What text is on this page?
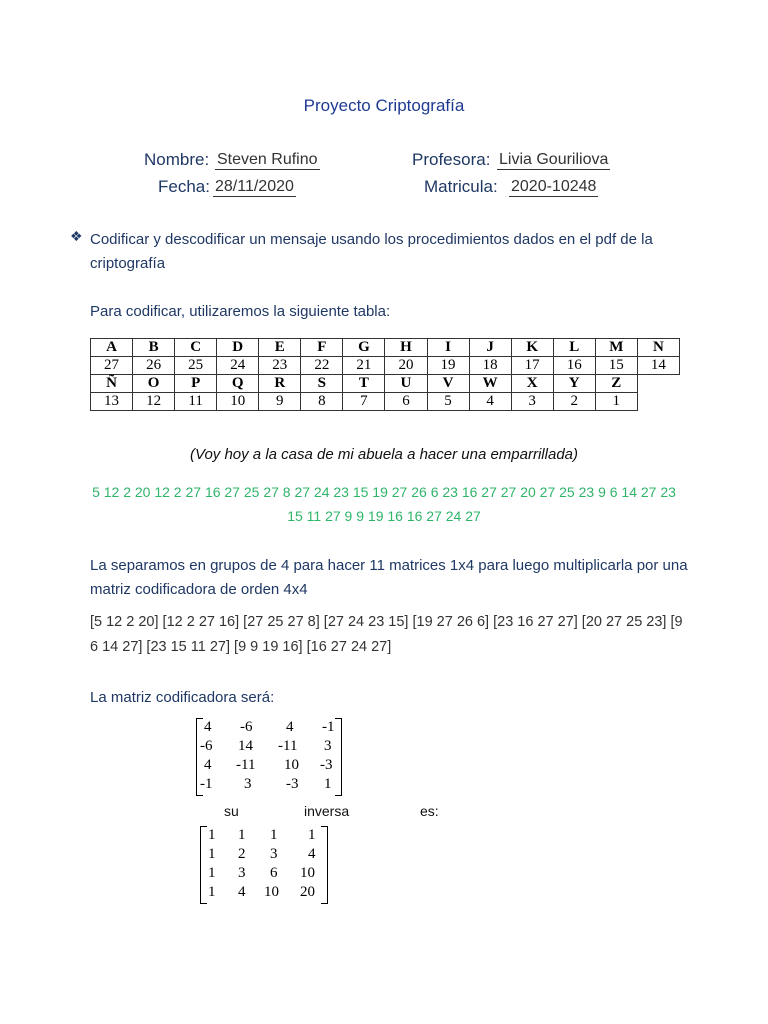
Proyecto Criptografía
Nombre: Steven Rufino	Profesora: Livia Gouriliova
Fecha: 28/11/2020	Matricula: 2020-10248
❖ Codificar y descodificar un mensaje usando los procedimientos dados en el pdf de la criptografía
Para codificar, utilizaremos la siguiente tabla:
A	B	C	D	E	F	G	H	I	J	K	L	M	N
27	26	25	24	23	22	21	20	19	18	17	16	15	14
Ñ	O	P	Q	R	S	T	U	V	W	X	Y	Z	
13	12	11	10	9	8	7	6	5	4	3	2	1	
(Voy hoy a la casa de mi abuela a hacer una emparrillada)
5 12 2 20 12 2 27 16 27 25 27 8 27 24 23 15 19 27 26 6 23 16 27 27 20 27 25 23 9 6 14 27 23 15 11 27 9 9 19 16 16 27 24 27
La separamos en grupos de 4 para hacer 11 matrices 1x4 para luego multiplicarla por una matriz codificadora de orden 4x4
[5 12 2 20] [12 2 27 16] [27 25 27 8] [27 24 23 15] [19 27 26 6] [23 16 27 27] [20 27 25 23] [9 6 14 27] [23 15 11 27] [9 9 19 16] [16 27 24 27]
La matriz codificadora será:
4 -6 4 -1
-6 14 -11 3
4 -11 10 -3
-1 3 -3 1
su	inversa	es:
1 1 1 1
1 2 3 4
1 3 6 10
1 4 10 20
